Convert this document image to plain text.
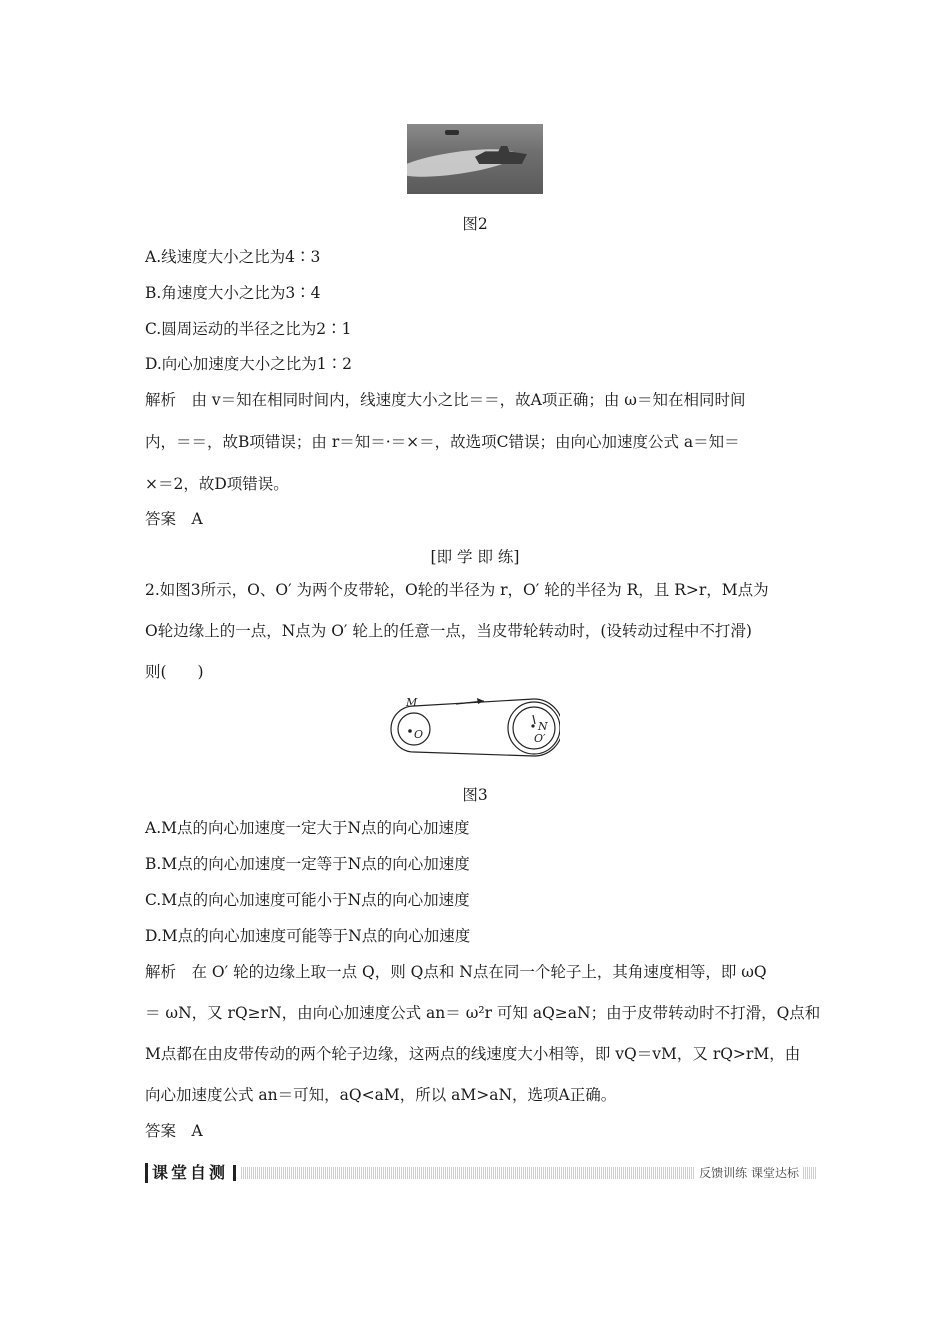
图2
A.线速度大小之比为4∶3
B.角速度大小之比为3∶4
C.圆周运动的半径之比为2∶1
D.向心加速度大小之比为1∶2
解析　由 v＝知在相同时间内，线速度大小之比＝＝，故A项正确；由 ω＝知在相同时间
内，＝＝，故B项错误；由 r＝知＝·＝×＝，故选项C错误；由向心加速度公式 a＝知＝
×＝2，故D项错误。
答案　A
[即 学 即 练]
2.如图3所示，O、O′ 为两个皮带轮，O轮的半径为 r，O′ 轮的半径为 R，且 R>r，M点为
O轮边缘上的一点，N点为 O′ 轮上的任意一点，当皮带轮转动时，(设转动过程中不打滑)
则(　　)
M
O
N
O′
图3
A.M点的向心加速度一定大于N点的向心加速度
B.M点的向心加速度一定等于N点的向心加速度
C.M点的向心加速度可能小于N点的向心加速度
D.M点的向心加速度可能等于N点的向心加速度
解析　在 O′ 轮的边缘上取一点 Q，则 Q点和 N点在同一个轮子上，其角速度相等，即 ωQ
＝ ωN，又 rQ≥rN，由向心加速度公式 an＝ ω²r 可知 aQ≥aN；由于皮带转动时不打滑，Q点和
M点都在由皮带传动的两个轮子边缘，这两点的线速度大小相等，即 vQ＝vM，又 rQ>rM，由
向心加速度公式 an＝可知，aQ<aM，所以 aM>aN，选项A正确。
答案　A
课堂自测	反馈训练 课堂达标
